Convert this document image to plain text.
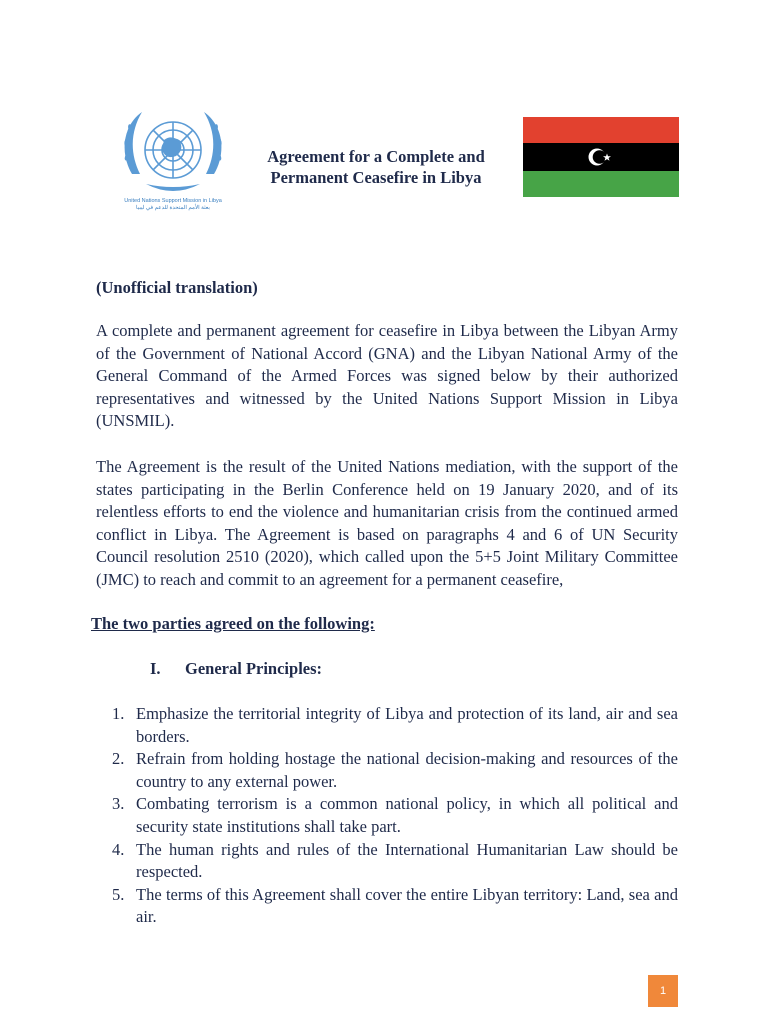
United Nations Support Mission in Libya
بعثة الأمم المتحدة للدعم في ليبيا
Agreement for a Complete and
Permanent Ceasefire in Libya
(Unofficial translation)
A complete and permanent agreement for ceasefire in Libya between the Libyan Army of the Government of National Accord (GNA) and the Libyan National Army of the General Command of the Armed Forces was signed below by their authorized representatives and witnessed by the United Nations Support Mission in Libya (UNSMIL).
The Agreement is the result of the United Nations mediation, with the support of the states participating in the Berlin Conference held on 19 January 2020, and of its relentless efforts to end the violence and humanitarian crisis from the continued armed conflict in Libya. The Agreement is based on paragraphs 4 and 6 of UN Security Council resolution 2510 (2020), which called upon the 5+5 Joint Military Committee (JMC) to reach and commit to an agreement for a permanent ceasefire,
The two parties agreed on the following:
I. General Principles:
1. Emphasize the territorial integrity of Libya and protection of its land, air and sea borders.
2. Refrain from holding hostage the national decision-making and resources of the country to any external power.
3. Combating terrorism is a common national policy, in which all political and security state institutions shall take part.
4. The human rights and rules of the International Humanitarian Law should be respected.
5. The terms of this Agreement shall cover the entire Libyan territory: Land, sea and air.
1
